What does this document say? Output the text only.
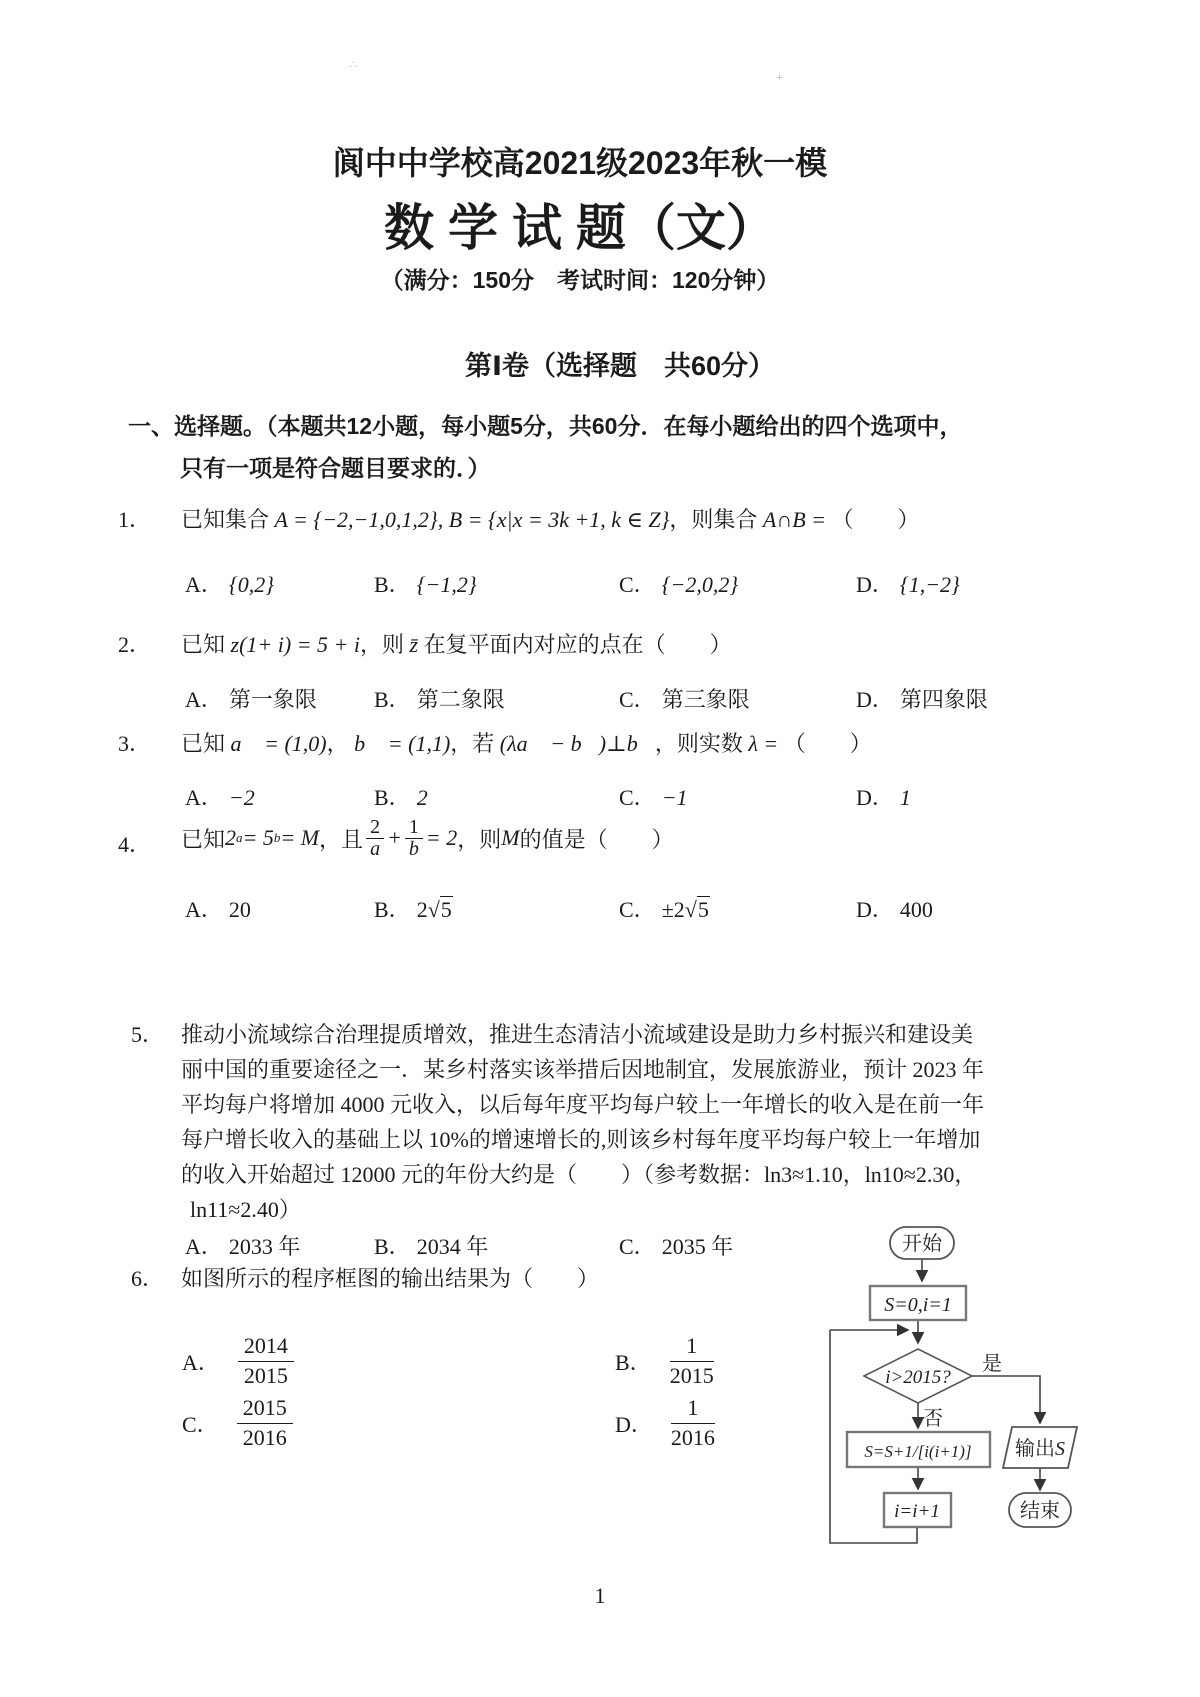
∴
+
阆中中学校高2021级2023年秋一模
数 学 试 题（文）
（满分：150分　考试时间：120分钟）
第Ⅰ卷（选择题　共60分）
一、选择题。（本题共12小题，每小题5分，共60分．在每小题给出的四个选项中，
只有一项是符合题目要求的．）
1． 已知集合 A = {−2,−1,0,1,2}, B = {x|x = 3k +1, k ∈ Z}，则集合 A∩B = （　　）
A． {0,2}	B． {−1,2}	C． {−2,0,2}	D． {1,−2}
2． 已知 z(1+ i) = 5 + i，则 z̄ 在复平面内对应的点在（　　）
A． 第一象限	B． 第二象限	C． 第三象限	D． 第四象限
3． 已知 a⃗ = (1,0)， b⃗ = (1,1)，若 (λa⃗ − b⃗)⊥b⃗，则实数 λ = （　　）
A． −2	B． 2	C． −1	D． 1
4． 已知 2 a = 5 b = M ，且 $\frac{2}{a} + \frac{1}{b} = 2$ ，则 M 的值是 （　　）
A． 20	B． 2√5	C． ±2√5	D． 400
5． 推动小流域综合治理提质增效，推进生态清洁小流域建设是助力乡村振兴和建设美
丽中国的重要途径之一．某乡村落实该举措后因地制宜，发展旅游业，预计 2023 年
平均每户将增加 4000 元收入，以后每年度平均每户较上一年增长的收入是在前一年
每户增长收入的基础上以 10%的增速增长的,则该乡村每年度平均每户较上一年增加
的收入开始超过 12000 元的年份大约是（　　）（参考数据：ln3≈1.10，ln10≈2.30，
ln11≈2.40）
A． 2033 年	B． 2034 年	C． 2035 年
6． 如图所示的程序框图的输出结果为（　　）
A． $\frac{2014}{2015}$	B． $\frac{1}{2015}$
C． $\frac{2015}{2016}$	D． $\frac{1}{2016}$
开始
S=0,i=1
i>2015?
是
否
S=S+1/[i(i+1)]
i=i+1
输出S
结束
1
